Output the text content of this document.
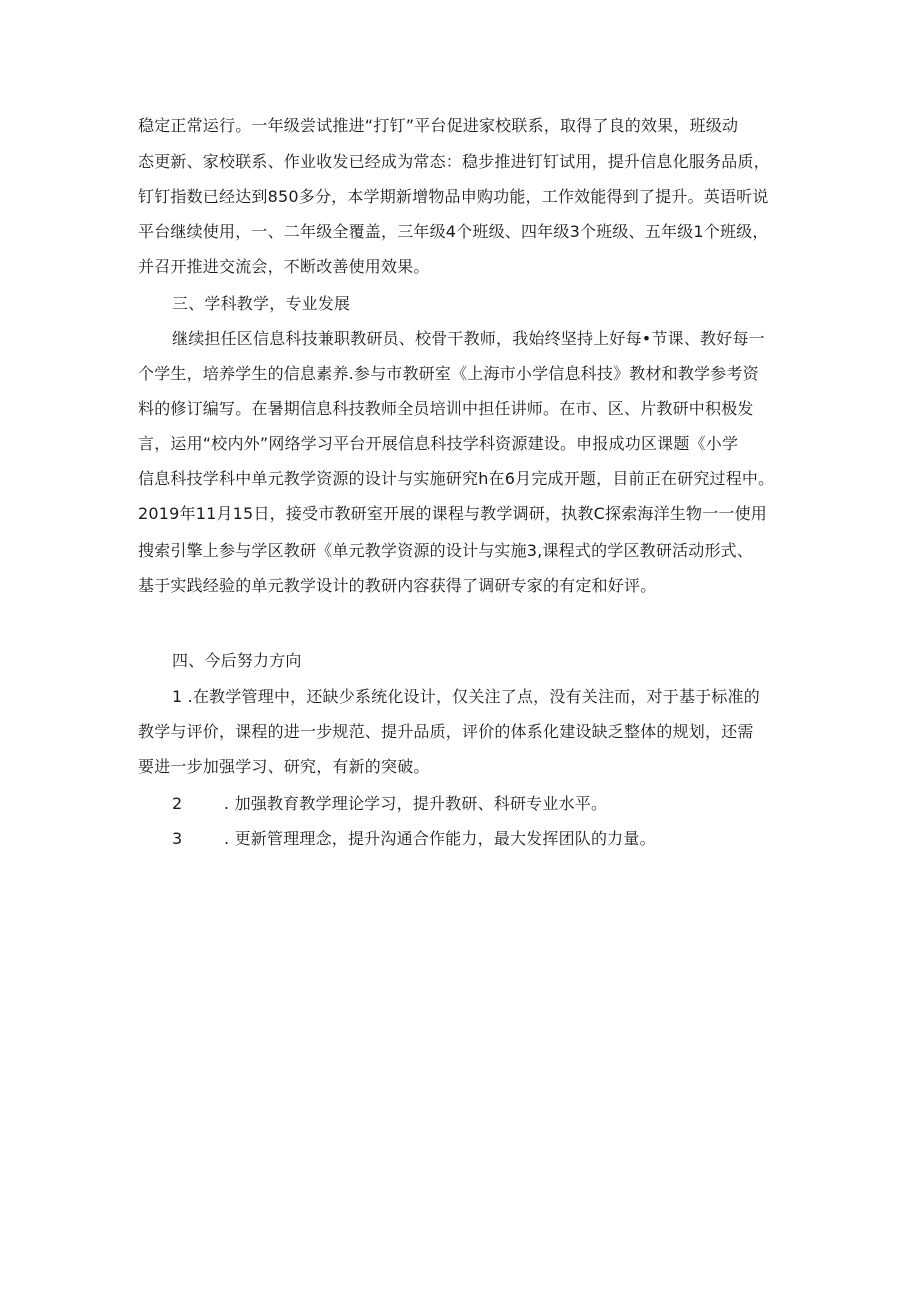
稳定正常运行。一年级尝试推进“打钉”平台促进家校联系，取得了良的效果，班级动
态更新、家校联系、作业收发已经成为常态：稳步推进钉钉试用，提升信息化服务品质，
钉钉指数已经达到850多分，本学期新增物品申购功能，工作效能得到了提升。英语听说
平台继续使用，一、二年级全覆盖，三年级4个班级、四年级3个班级、五年级1个班级，
并召开推进交流会，不断改善使用效果。
三、学科教学，专业发展
继续担任区信息科技兼职教研员、校骨干教师，我始终坚持上好每•节课、教好每一
个学生，培养学生的信息素养.参与市教研室《上海市小学信息科技》教材和教学参考资
料的修订编写。在暑期信息科技教师全员培训中担任讲师。在市、区、片教研中积极发
言，运用“校内外”网络学习平台开展信息科技学科资源建设。申报成功区课题《小学
信息科技学科中单元教学资源的设计与实施研究h在6月完成开题，目前正在研究过程中。
2019年11月15日，接受市教研室开展的课程与教学调研，执教C探索海洋生物一一使用
搜索引擎上参与学区教研《单元教学资源的设计与实施3,课程式的学区教研活动形式、
基于实践经验的单元教学设计的教研内容获得了调研专家的有定和好评。
四、今后努力方向
1 .在教学管理中，还缺少系统化设计，仅关注了点，没有关注而，对于基于标准的
教学与评价，课程的进一步规范、提升品质，评价的体系化建设缺乏整体的规划，还需
要进一步加强学习、研究，有新的突破。
2	. 加强教育教学理论学习，提升教研、科研专业水平。
3	. 更新管理理念，提升沟通合作能力，最大发挥团队的力量。
